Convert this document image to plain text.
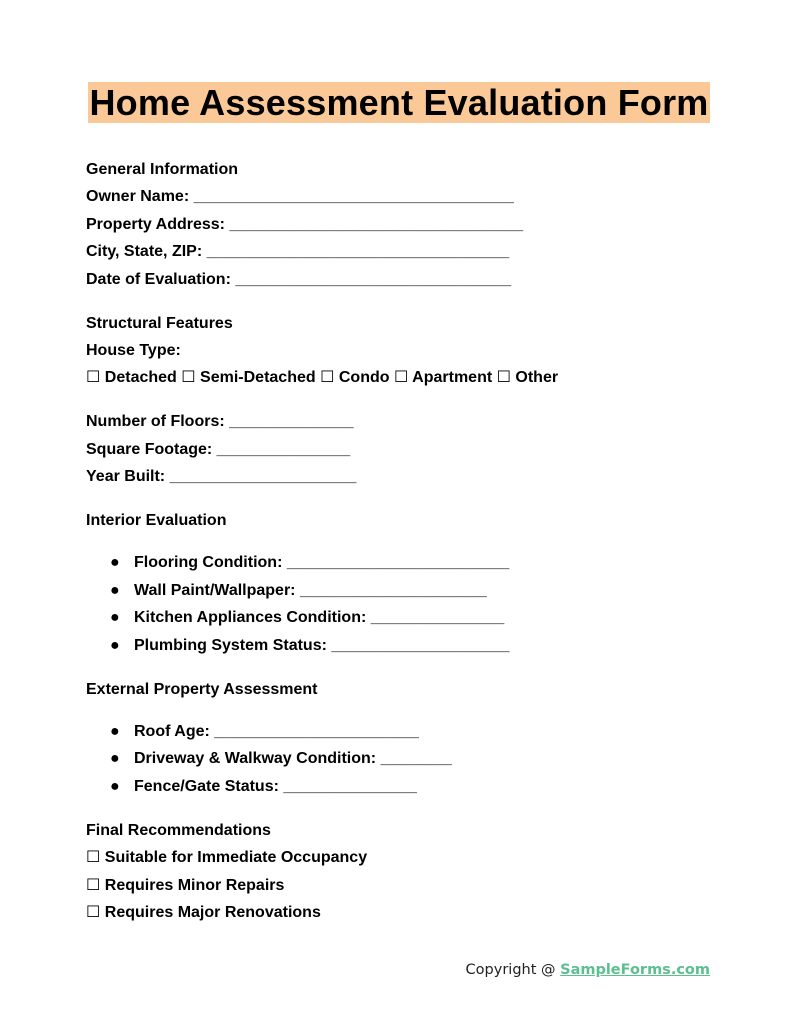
Home Assessment Evaluation Form
General Information
Owner Name: ____________________________________
Property Address: _________________________________
City, State, ZIP: __________________________________
Date of Evaluation: _______________________________
Structural Features
House Type:
☐ Detached ☐ Semi-Detached ☐ Condo ☐ Apartment ☐ Other
Number of Floors: ______________
Square Footage: _______________
Year Built: _____________________
Interior Evaluation
● Flooring Condition: _________________________
● Wall Paint/Wallpaper: _____________________
● Kitchen Appliances Condition: _______________
● Plumbing System Status: ____________________
External Property Assessment
● Roof Age: _______________________
● Driveway & Walkway Condition: ________
● Fence/Gate Status: _______________
Final Recommendations
☐ Suitable for Immediate Occupancy
☐ Requires Minor Repairs
☐ Requires Major Renovations
Copyright @ SampleForms.com
